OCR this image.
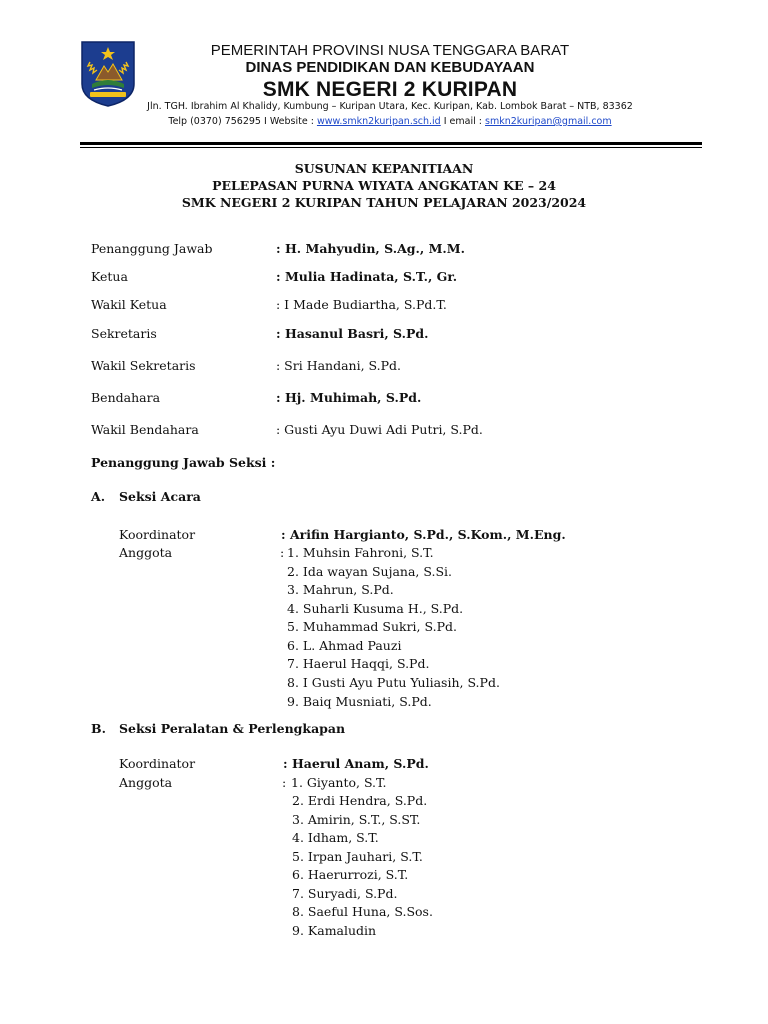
PEMERINTAH PROVINSI NUSA TENGGARA BARAT
DINAS PENDIDIKAN DAN KEBUDAYAAN
SMK NEGERI 2 KURIPAN
Jln. TGH. Ibrahim Al Khalidy, Kumbung – Kuripan Utara, Kec. Kuripan, Kab. Lombok Barat – NTB, 83362
Telp (0370) 756295 I Website : www.smkn2kuripan.sch.id I email : smkn2kuripan@gmail.com
SUSUNAN KEPANITIAAN
PELEPASAN PURNA WIYATA ANGKATAN KE – 24
SMK NEGERI 2 KURIPAN TAHUN PELAJARAN 2023/2024
Penanggung Jawab	: H. Mahyudin, S.Ag., M.M.
Ketua	: Mulia Hadinata, S.T., Gr.
Wakil Ketua	: I Made Budiartha, S.Pd.T.
Sekretaris	: Hasanul Basri, S.Pd.
Wakil Sekretaris	: Sri Handani, S.Pd.
Bendahara	: Hj. Muhimah, S.Pd.
Wakil Bendahara	: Gusti Ayu Duwi Adi Putri, S.Pd.
Penanggung Jawab Seksi :
A. Seksi Acara
Koordinator	: Arifin Hargianto, S.Pd., S.Kom., M.Eng.
Anggota	: 1. Muhsin Fahroni, S.T.
2. Ida wayan Sujana, S.Si.
3. Mahrun, S.Pd.
4. Suharli Kusuma H., S.Pd.
5. Muhammad Sukri, S.Pd.
6. L. Ahmad Pauzi
7. Haerul Haqqi, S.Pd.
8. I Gusti Ayu Putu Yuliasih, S.Pd.
9. Baiq Musniati, S.Pd.
B. Seksi Peralatan & Perlengkapan
Koordinator	: Haerul Anam, S.Pd.
Anggota	: 1. Giyanto, S.T.
2. Erdi Hendra, S.Pd.
3. Amirin, S.T., S.ST.
4. Idham, S.T.
5. Irpan Jauhari, S.T.
6. Haerurrozi, S.T.
7. Suryadi, S.Pd.
8. Saeful Huna, S.Sos.
9. Kamaludin
